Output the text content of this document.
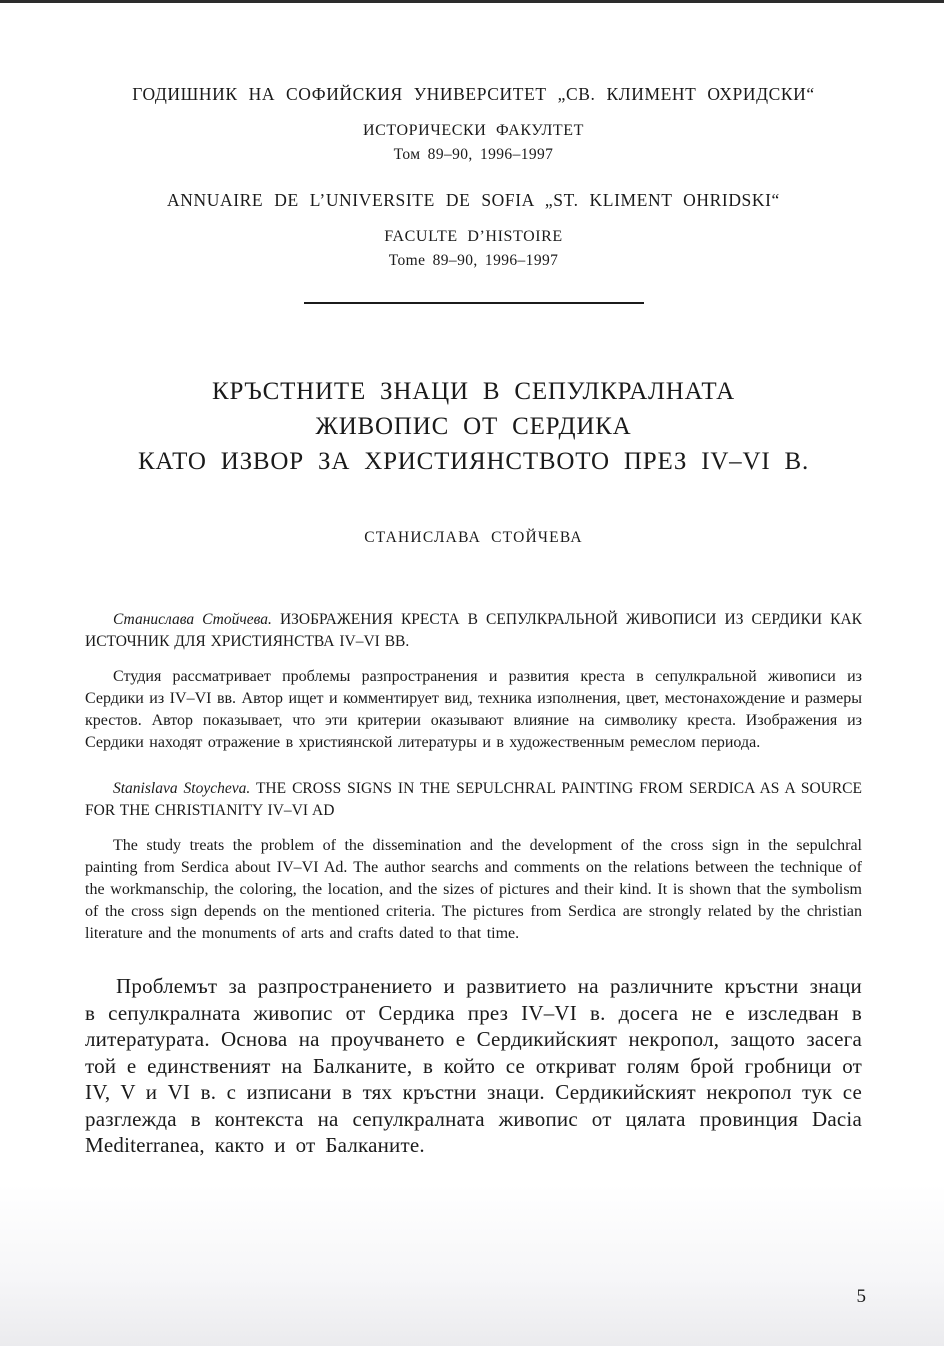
ГОДИШНИК НА СОФИЙСКИЯ УНИВЕРСИТЕТ „СВ. КЛИМЕНТ ОХРИДСКИ“

ИСТОРИЧЕСКИ ФАКУЛТЕТ

Том 89–90, 1996–1997

ANNUAIRE DE L’UNIVERSITE DE SOFIA „ST. KLIMENT OHRIDSKI“

FACULTE D’HISTOIRE

Tome 89–90, 1996–1997

КРЪСТНИТЕ ЗНАЦИ В СЕПУЛКРАЛНАТА
ЖИВОПИС ОТ СЕРДИКА
КАТО ИЗВОР ЗА ХРИСТИЯНСТВОТО ПРЕЗ IV–VI В.

СТАНИСЛАВА СТОЙЧЕВА

Станислава Стойчева. ИЗОБРАЖЕНИЯ КРЕСТА В СЕПУЛКРАЛЬНОЙ ЖИВОПИСИ ИЗ СЕРДИКИ КАК ИСТОЧНИК ДЛЯ ХРИСТИЯНСТВА IV–VI ВВ.

Студия рассматривает проблемы разпространения и развития креста в сепулкральной живописи из Сердики из IV–VI вв. Автор ищет и комментирует вид, техника изполнения, цвет, местонахождение и размеры крестов. Автор показывает, что эти критерии оказывают влияние на символику креста. Изображения из Сердики находят отражение в християнской литературы и в художественным ремеслом периода.

Stanislava Stoycheva. THE CROSS SIGNS IN THE SEPULCHRAL PAINTING FROM SERDICA AS A SOURCE FOR THE CHRISTIANITY IV–VI AD

The study treats the problem of the dissemination and the development of the cross sign in the sepulchral painting from Serdica about IV–VI Ad. The author searchs and comments on the relations between the technique of the workmanschip, the coloring, the location, and the sizes of pictures and their kind. It is shown that the symbolism of the cross sign depends on the mentioned criteria. The pictures from Serdica are strongly related by the christian literature and the monuments of arts and crafts dated to that time.

Проблемът за разпространението и развитието на различните кръстни знаци в сепулкралната живопис от Сердика през IV–VI в. досега не е изследван в литературата. Основа на проучването е Сердикийският некропол, защото засега той е единственият на Балканите, в който се откриват голям брой гробници от IV, V и VI в. с изписани в тях кръстни знаци. Сердикийският некропол тук се разглежда в контекста на сепулкралната живопис от цялата провинция Dacia Mediterranea, както и от Балканите.

5
